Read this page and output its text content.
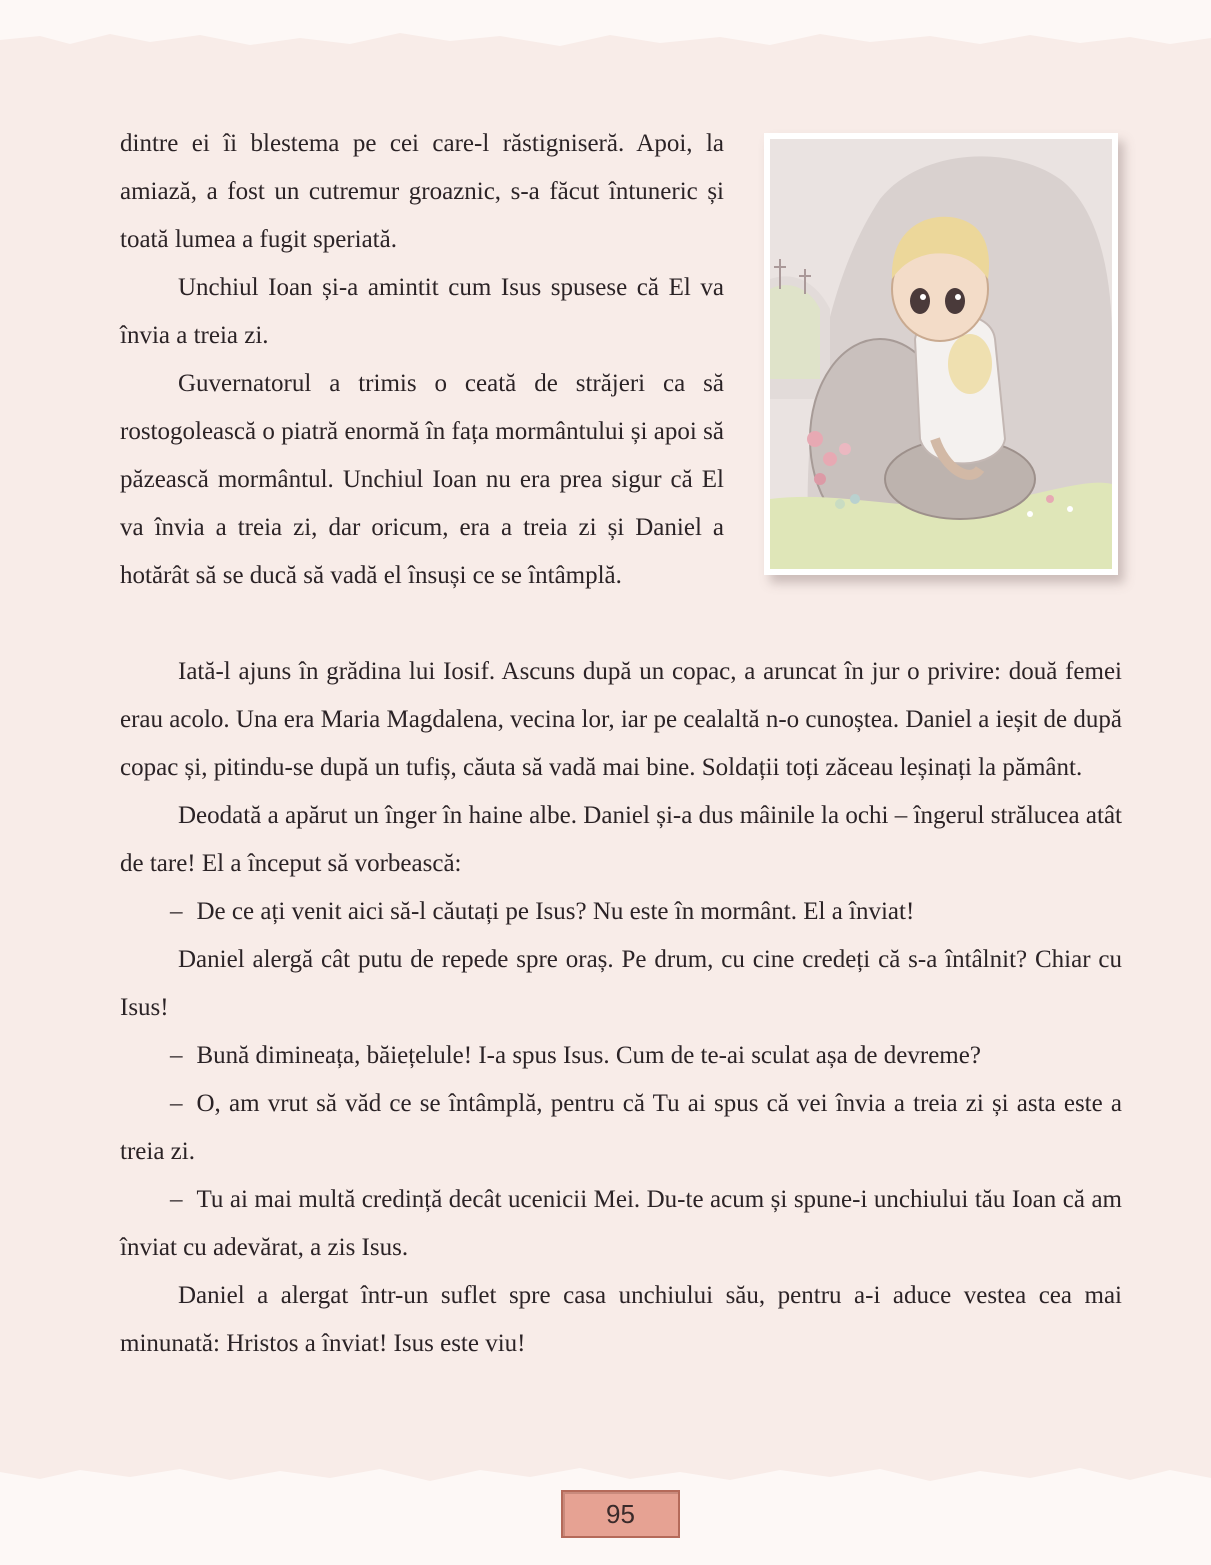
dintre ei îi blestema pe cei care-l răstigniseră. Apoi, la amiază, a fost un cutremur groaznic, s-a făcut întuneric și toată lumea a fugit speriată.

Unchiul Ioan și-a amintit cum Isus spusese că El va învia a treia zi.

Guvernatorul a trimis o ceată de străjeri ca să rostogolească o piatră enormă în fața mormântului și apoi să păzească mormântul. Unchiul Ioan nu era prea sigur că El va învia a treia zi, dar oricum, era a treia zi și Daniel a hotărât să se ducă să vadă el însuși ce se întâmplă.

Iată-l ajuns în grădina lui Iosif. Ascuns după un copac, a aruncat în jur o privire: două femei erau acolo. Una era Maria Magdalena, vecina lor, iar pe cealaltă n-o cunoștea. Daniel a ieșit de după copac și, pitindu-se după un tufiș, căuta să vadă mai bine. Soldații toți zăceau leșinați la pământ.

Deodată a apărut un înger în haine albe. Daniel și-a dus mâinile la ochi – îngerul strălucea atât de tare! El a început să vorbească:

– De ce ați venit aici să-l căutați pe Isus? Nu este în mormânt. El a înviat!

Daniel alergă cât putu de repede spre oraș. Pe drum, cu cine credeți că s-a întâlnit? Chiar cu Isus!

– Bună dimineața, băiețelule! I-a spus Isus. Cum de te-ai sculat așa de devreme?

– O, am vrut să văd ce se întâmplă, pentru că Tu ai spus că vei învia a treia zi și asta este a treia zi.

– Tu ai mai multă credință decât ucenicii Mei. Du-te acum și spune-i unchiului tău Ioan că am înviat cu adevărat, a zis Isus.

Daniel a alergat într-un suflet spre casa unchiului său, pentru a-i aduce vestea cea mai minunată: Hristos a înviat! Isus este viu!

95
